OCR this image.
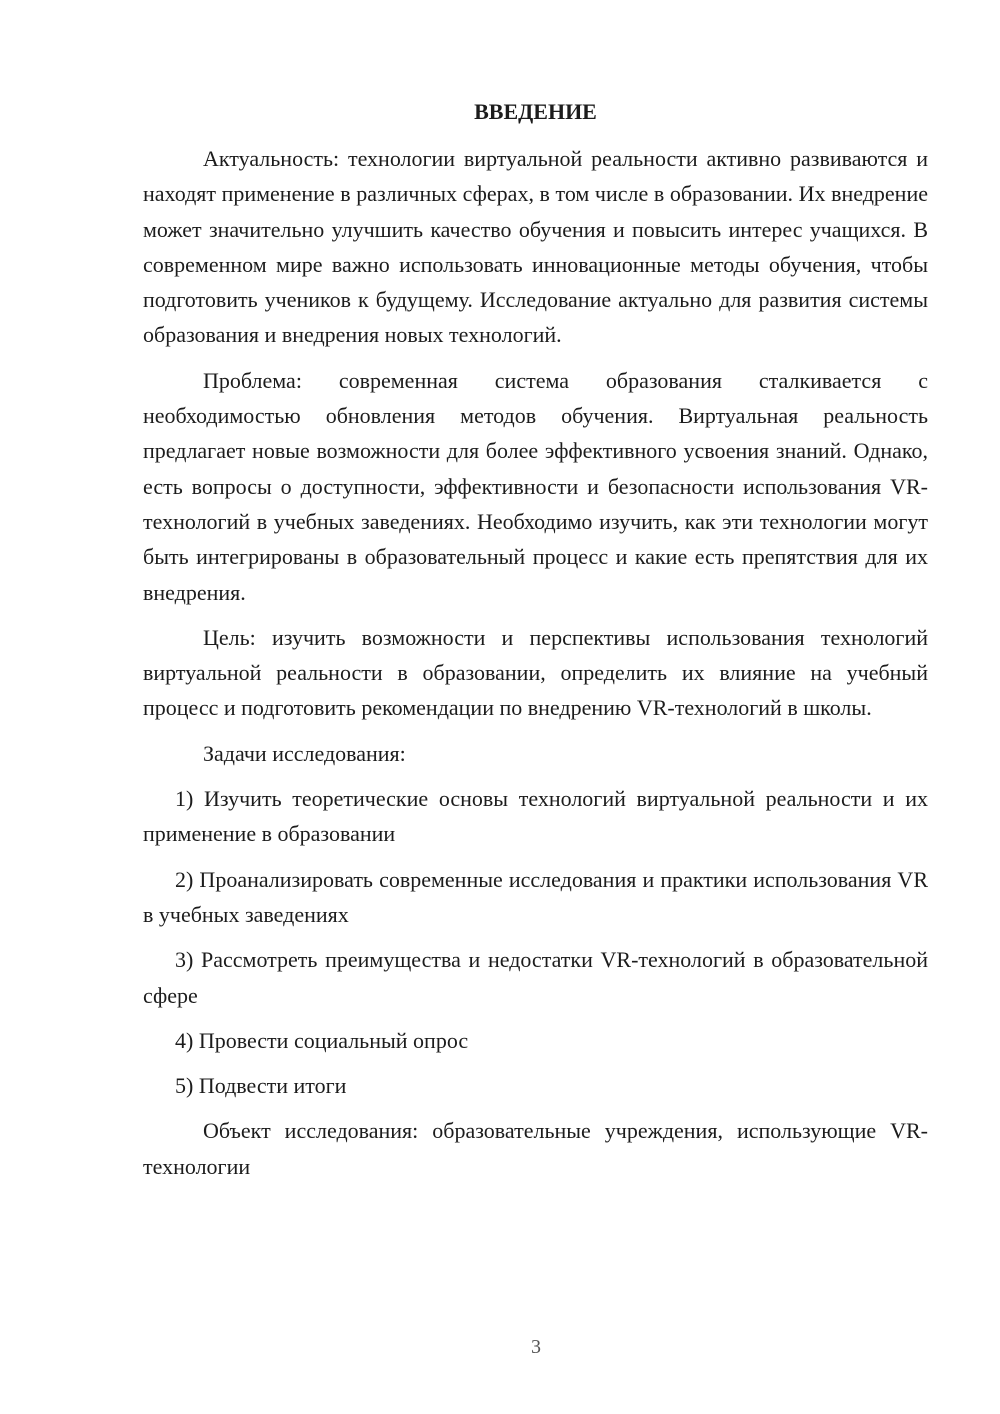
ВВЕДЕНИЕ

Актуальность: технологии виртуальной реальности активно развиваются и находят применение в различных сферах, в том числе в образовании. Их внедрение может значительно улучшить качество обучения и повысить интерес учащихся. В современном мире важно использовать инновационные методы обучения, чтобы подготовить учеников к будущему. Исследование актуально для развития системы образования и внедрения новых технологий.

Проблема: современная система образования сталкивается с необходимостью обновления методов обучения. Виртуальная реальность предлагает новые возможности для более эффективного усвоения знаний. Однако, есть вопросы о доступности, эффективности и безопасности использования VR-технологий в учебных заведениях. Необходимо изучить, как эти технологии могут быть интегрированы в образовательный процесс и какие есть препятствия для их внедрения.

Цель: изучить возможности и перспективы использования технологий виртуальной реальности в образовании, определить их влияние на учебный процесс и подготовить рекомендации по внедрению VR-технологий в школы.

Задачи исследования:

1) Изучить теоретические основы технологий виртуальной реальности и их применение в образовании

2) Проанализировать современные исследования и практики использования VR в учебных заведениях

3) Рассмотреть преимущества и недостатки VR-технологий в образовательной сфере

4) Провести социальный опрос

5) Подвести итоги

Объект исследования: образовательные учреждения, использующие VR-технологии

3
